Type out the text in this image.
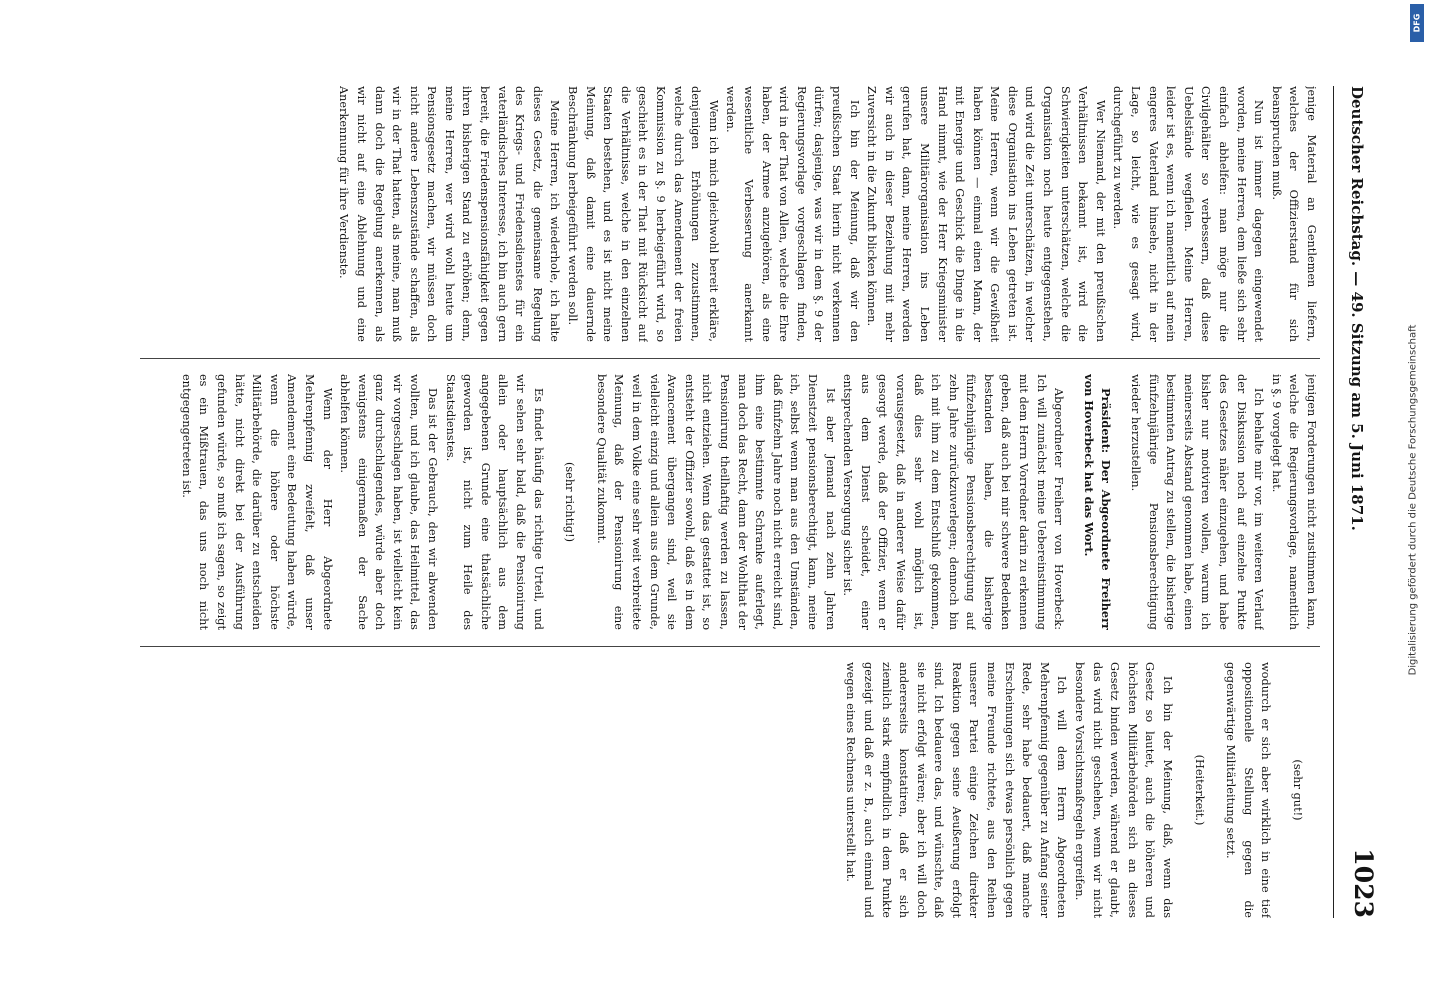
Deutscher Reichstag. — 49. Sitzung am 5. Juni 1871.
1023

jenige Material an Gentlemen liefern, welches der Offizierstand für sich beanspruchen muß.

Nun ist immer dagegen eingewendet worden, meine Herren, dem ließe sich sehr einfach abhelfen: man möge nur die Civilgehälter so verbessern, daß diese Uebelstände wegfielen. Meine Herren, leider ist es, wenn ich namentlich auf mein engeres Vaterland hinsehe, nicht in der Lage, so leicht, wie es gesagt wird, durchgeführt zu werden.

Wer Niemand, der mit den preußischen Verhältnissen bekannt ist, wird die Schwierigkeiten unterschätzen, welche die Organisation noch heute entgegenstehen, und wird die Zeit unterschätzen, in welcher diese Organisation ins Leben getreten ist. Meine Herren, wenn wir die Gewißheit haben können — einmal einen Mann, der mit Energie und Geschick die Dinge in die Hand nimmt, wie der Herr Kriegsminister unsere Militärorganisation ins Leben gerufen hat, dann, meine Herren, werden wir auch in dieser Beziehung mit mehr Zuversicht in die Zukunft blicken können.

Ich bin der Meinung, daß wir den preußischen Staat hierin nicht verkennen dürfen; dasjenige, was wir in dem §. 9 der Regierungsvorlage vorgeschlagen finden, wird in der That von Allen, welche die Ehre haben, der Armee anzugehören, als eine wesentliche Verbesserung anerkannt werden.

Wenn ich mich gleichwohl bereit erkläre, denjenigen Erhöhungen zuzustimmen, welche durch das Amendement der freien Kommission zu §. 9 herbeigeführt wird, so geschieht es in der That mit Rücksicht auf die Verhältnisse, welche in den einzelnen Staaten bestehen, und es ist nicht meine Meinung, daß damit eine dauernde Beschränkung herbeigeführt werden soll.

Meine Herren, ich wiederhole, ich halte dieses Gesetz, die gemeinsame Regelung des Kriegs- und Friedensdienstes für ein vaterländisches Interesse, ich bin auch gern bereit, die Friedenspensionsfähigkeit gegen ihren bisherigen Stand zu erhöhen; denn, meine Herren, wer wird wohl heute um Pensionsgesetz machen, wir müssen doch nicht andere Lebenszustände schaffen, als wir in der That hatten, als meine, man muß dann doch die Regelung anerkennen, als wir nicht auf eine Ablehnung und eine Anerkennung für ihre Verdienste.

jenigen Forderungen nicht zustimmen kann, welche die Regierungsvorlage, namentlich in §. 9 vorgelegt hat.

Ich behalte mir vor, im weiteren Verlauf der Diskussion noch auf einzelne Punkte des Gesetzes näher einzugehen, und habe bisher nur motiviren wollen, warum ich meinerseits Abstand genommen habe, einen bestimmten Antrag zu stellen, die bisherige fünfzehnjährige Pensionsberechtigung wieder herzustellen.

Präsident: Der Abgeordnete Freiherr von Hoverbeck hat das Wort.

Abgeordneter Freiherr von Hoverbeck: Ich will zunächst meine Uebereinstimmung mit dem Herrn Vorredner darin zu erkennen geben, daß auch bei mir schwere Bedenken bestanden haben, die bisherige fünfzehnjährige Pensionsberechtigung auf zehn Jahre zurückzuverlegen; dennoch bin ich mit ihm zu dem Entschluß gekommen, daß dies sehr wohl möglich ist, vorausgesetzt, daß in anderer Weise dafür gesorgt werde, daß der Offizier, wenn er aus dem Dienst scheidet, einer entsprechenden Versorgung sicher ist.

Ist aber Jemand nach zehn Jahren Dienstzeit pensionsberechtigt, kann, meine ich, selbst wenn man aus den Umständen, daß fünfzehn Jahre noch nicht erreicht sind, ihm eine bestimmte Schranke auferlegt, man doch das Recht, dann der Wohlthat der Pensionirung theilhaftig werden zu lassen, nicht entziehen. Wenn das gestattet ist, so entsteht der Offizier sowohl, daß es in dem Avancement übergangen sind, weil sie vielleicht einzig und allein aus dem Grunde, weil in dem Volke eine sehr weit verbreitete Meinung, daß der Pensionirung eine besondere Qualität zukommt.

(sehr richtig!)

Es findet häufig das richtige Urteil, und wir sehen sehr bald, daß die Pensionirung allein oder hauptsächlich aus dem angegebenen Grunde eine thatsächliche geworden ist, nicht zum Heile des Staatsdienstes.

Das ist der Gebrauch, den wir abwenden wollten, und ich glaube, das Heilmittel, das wir vorgeschlagen haben, ist vielleicht kein ganz durchschlagendes, würde aber doch wenigstens einigermaßen der Sache abhelfen können.

Wenn der Herr Abgeordnete Mehrenpfennig zweifelt, daß unser Amendement eine Bedeutung haben würde, wenn die höhere oder höchste Militärbehörde, die darüber zu entscheiden hätte, nicht direkt bei der Ausführung gefunden würde, so muß ich sagen, so zeigt es ein Mißtrauen, das uns noch nicht entgegengetreten ist.

(sehr gut!)

wodurch er sich aber wirklich in eine tief oppositionelle Stellung gegen die gegenwärtige Militärleitung setzt.

(Heiterkeit.)

Ich bin der Meinung, daß, wenn das Gesetz so lautet, auch die höheren und höchsten Militärbehörden sich an dieses Gesetz binden werden, während er glaubt, das wird nicht geschehen, wenn wir nicht besondere Vorsichtsmaßregeln ergreifen.

Ich will dem Herrn Abgeordneten Mehrenpfennig gegenüber zu Anfang seiner Rede, sehr habe bedauert, daß manche Erscheinungen sich etwas persönlich gegen meine Freunde richtete, aus den Reihen unserer Partei einige Zeichen direkter Reaktion gegen seine Aeußerung erfolgt sind. Ich bedauere das, und wünschte, daß sie nicht erfolgt wären; aber ich will doch andererseits konstatiren, daß er sich ziemlich stark empfindlich in dem Punkte gezeigt und daß er z. B., auch einmal und wegen eines Rechnens unterstellt hat.

Digitalisierung gefördert durch die Deutsche Forschungsgemeinschaft
DFG
